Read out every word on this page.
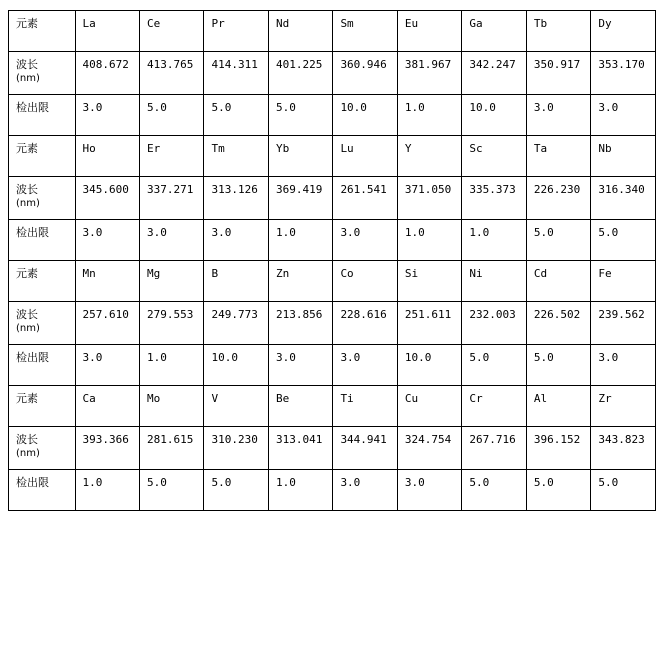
元素	La	Ce	Pr	Nd	Sm	Eu	Ga	Tb	Dy

波长
(nm)	408.672	413.765	414.311	401.225	360.946	381.967	342.247	350.917	353.170

检出限	3.0	5.0	5.0	5.0	10.0	1.0	10.0	3.0	3.0

元素	Ho	Er	Tm	Yb	Lu	Y	Sc	Ta	Nb

波长
(nm)	345.600	337.271	313.126	369.419	261.541	371.050	335.373	226.230	316.340

检出限	3.0	3.0	3.0	1.0	3.0	1.0	1.0	5.0	5.0

元素	Mn	Mg	B	Zn	Co	Si	Ni	Cd	Fe

波长
(nm)	257.610	279.553	249.773	213.856	228.616	251.611	232.003	226.502	239.562

检出限	3.0	1.0	10.0	3.0	3.0	10.0	5.0	5.0	3.0

元素	Ca	Mo	V	Be	Ti	Cu	Cr	Al	Zr

波长
(nm)	393.366	281.615	310.230	313.041	344.941	324.754	267.716	396.152	343.823

检出限	1.0	5.0	5.0	1.0	3.0	3.0	5.0	5.0	5.0
